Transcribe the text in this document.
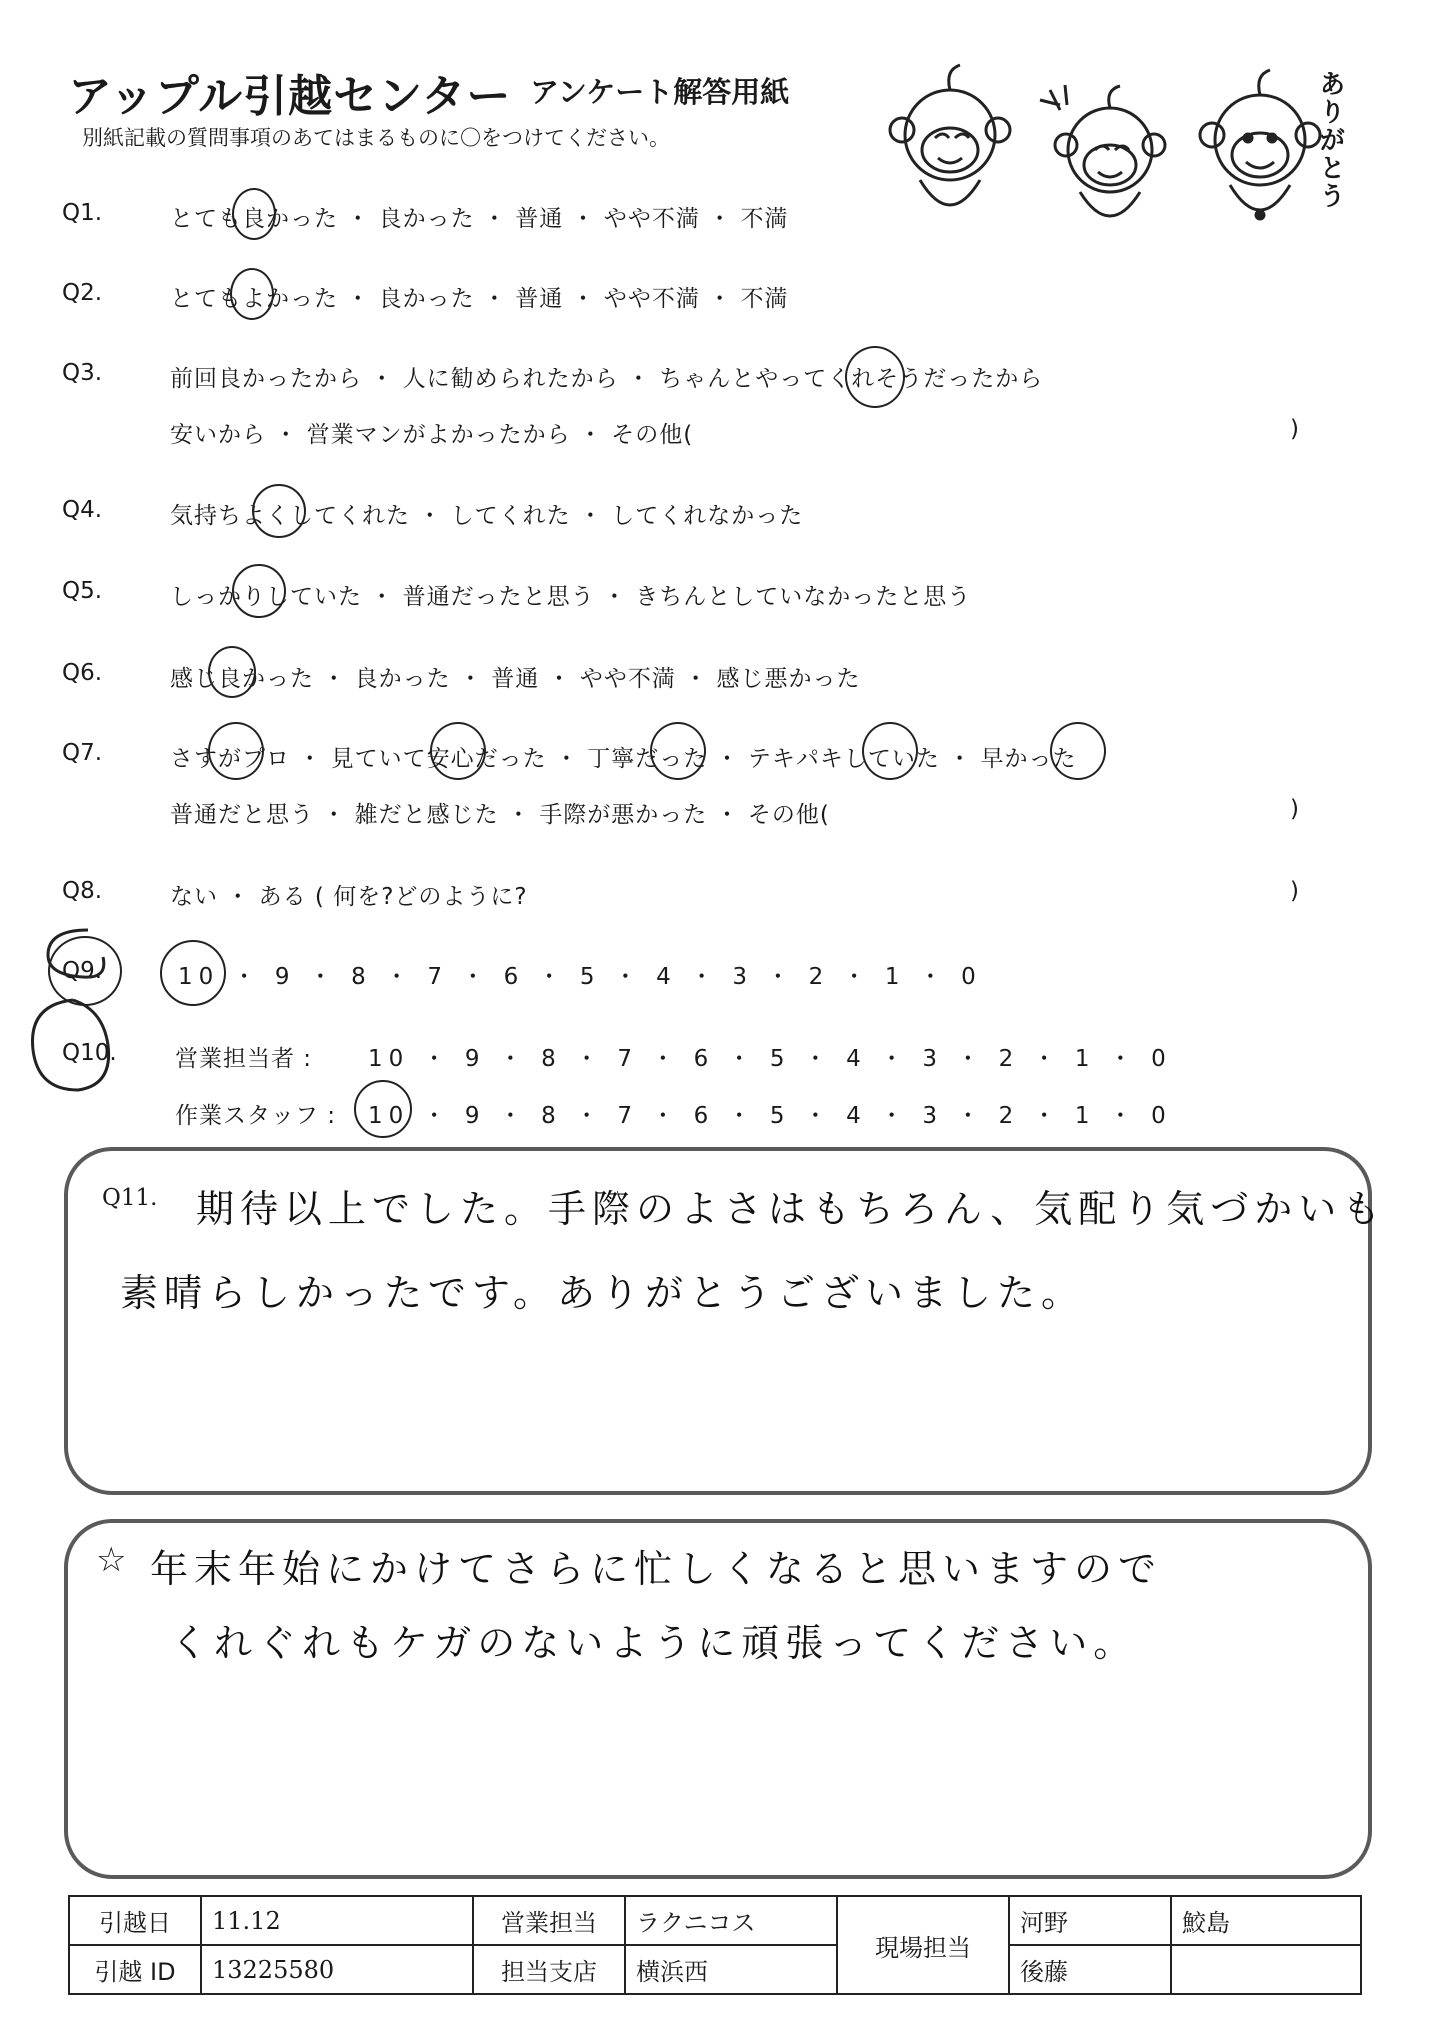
アップル引越センター アンケート解答用紙
別紙記載の質問事項のあてはまるものに〇をつけてください。	ありがとう
Q1.	とても良かった ・ 良かった ・ 普通 ・ やや不満 ・ 不満
Q2.	とてもよかった ・ 良かった ・ 普通 ・ やや不満 ・ 不満
Q3.	前回良かったから ・ 人に勧められたから ・ ちゃんとやってくれそうだったから
安いから ・ 営業マンがよかったから ・ その他(	)
Q4.	気持ちよくしてくれた ・ してくれた ・ してくれなかった
Q5.	しっかりしていた ・ 普通だったと思う ・ きちんとしていなかったと思う
Q6.	感じ良かった ・ 良かった ・ 普通 ・ やや不満 ・ 感じ悪かった
Q7.	さすがプロ ・ 見ていて安心だった ・ 丁寧だった ・ テキパキしていた ・ 早かった
普通だと思う ・ 雑だと感じた ・ 手際が悪かった ・ その他(	)
Q8.	ない ・ ある ( 何を?どのように?	)
Q9.	10 ・ 9 ・ 8 ・ 7 ・ 6 ・ 5 ・ 4 ・ 3 ・ 2 ・ 1 ・ 0
Q10.	営業担当者 : 10 ・ 9 ・ 8 ・ 7 ・ 6 ・ 5 ・ 4 ・ 3 ・ 2 ・ 1 ・ 0
作業スタッフ : 10 ・ 9 ・ 8 ・ 7 ・ 6 ・ 5 ・ 4 ・ 3 ・ 2 ・ 1 ・ 0
Q11. 期待以上でした。手際のよさはもちろん、気配り気づかいも
素晴らしかったです。ありがとうございました。
☆ 年末年始にかけてさらに忙しくなると思いますので
くれぐれもケガのないように頑張ってください。
引越日	11.12	営業担当	ラクニコス	現場担当	河野	鮫島
引越 ID	13225580	担当支店	横浜西		後藤	
